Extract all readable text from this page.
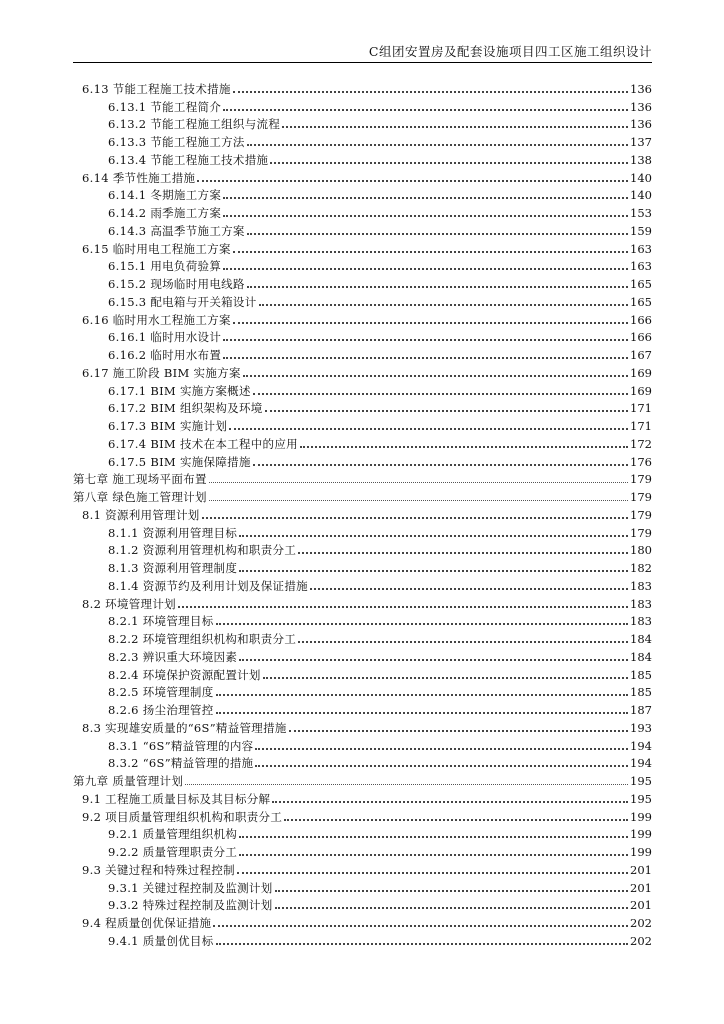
C组团安置房及配套设施项目四工区施工组织设计
6.13 节能工程施工技术措施	136
6.13.1 节能工程简介	136
6.13.2 节能工程施工组织与流程	136
6.13.3 节能工程施工方法	137
6.13.4 节能工程施工技术措施	138
6.14 季节性施工措施	140
6.14.1 冬期施工方案	140
6.14.2 雨季施工方案	153
6.14.3 高温季节施工方案	159
6.15 临时用电工程施工方案	163
6.15.1 用电负荷验算	163
6.15.2 现场临时用电线路	165
6.15.3 配电箱与开关箱设计	165
6.16 临时用水工程施工方案	166
6.16.1 临时用水设计	166
6.16.2 临时用水布置	167
6.17 施工阶段 BIM 实施方案	169
6.17.1 BIM 实施方案概述	169
6.17.2 BIM 组织架构及环境	171
6.17.3 BIM 实施计划	171
6.17.4 BIM 技术在本工程中的应用	172
6.17.5 BIM 实施保障措施	176
第七章 施工现场平面布置	179
第八章 绿色施工管理计划	179
8.1 资源利用管理计划	179
8.1.1 资源利用管理目标	179
8.1.2 资源利用管理机构和职责分工	180
8.1.3 资源利用管理制度	182
8.1.4 资源节约及利用计划及保证措施	183
8.2 环境管理计划	183
8.2.1 环境管理目标	183
8.2.2 环境管理组织机构和职责分工	184
8.2.3 辨识重大环境因素	184
8.2.4 环境保护资源配置计划	185
8.2.5 环境管理制度	185
8.2.6 扬尘治理管控	187
8.3 实现雄安质量的“6S”精益管理措施	193
8.3.1 “6S”精益管理的内容	194
8.3.2 “6S”精益管理的措施	194
第九章 质量管理计划	195
9.1 工程施工质量目标及其目标分解	195
9.2 项目质量管理组织机构和职责分工	199
9.2.1 质量管理组织机构	199
9.2.2 质量管理职责分工	199
9.3 关键过程和特殊过程控制	201
9.3.1 关键过程控制及监测计划	201
9.3.2 特殊过程控制及监测计划	201
9.4 程质量创优保证措施	202
9.4.1 质量创优目标	202
